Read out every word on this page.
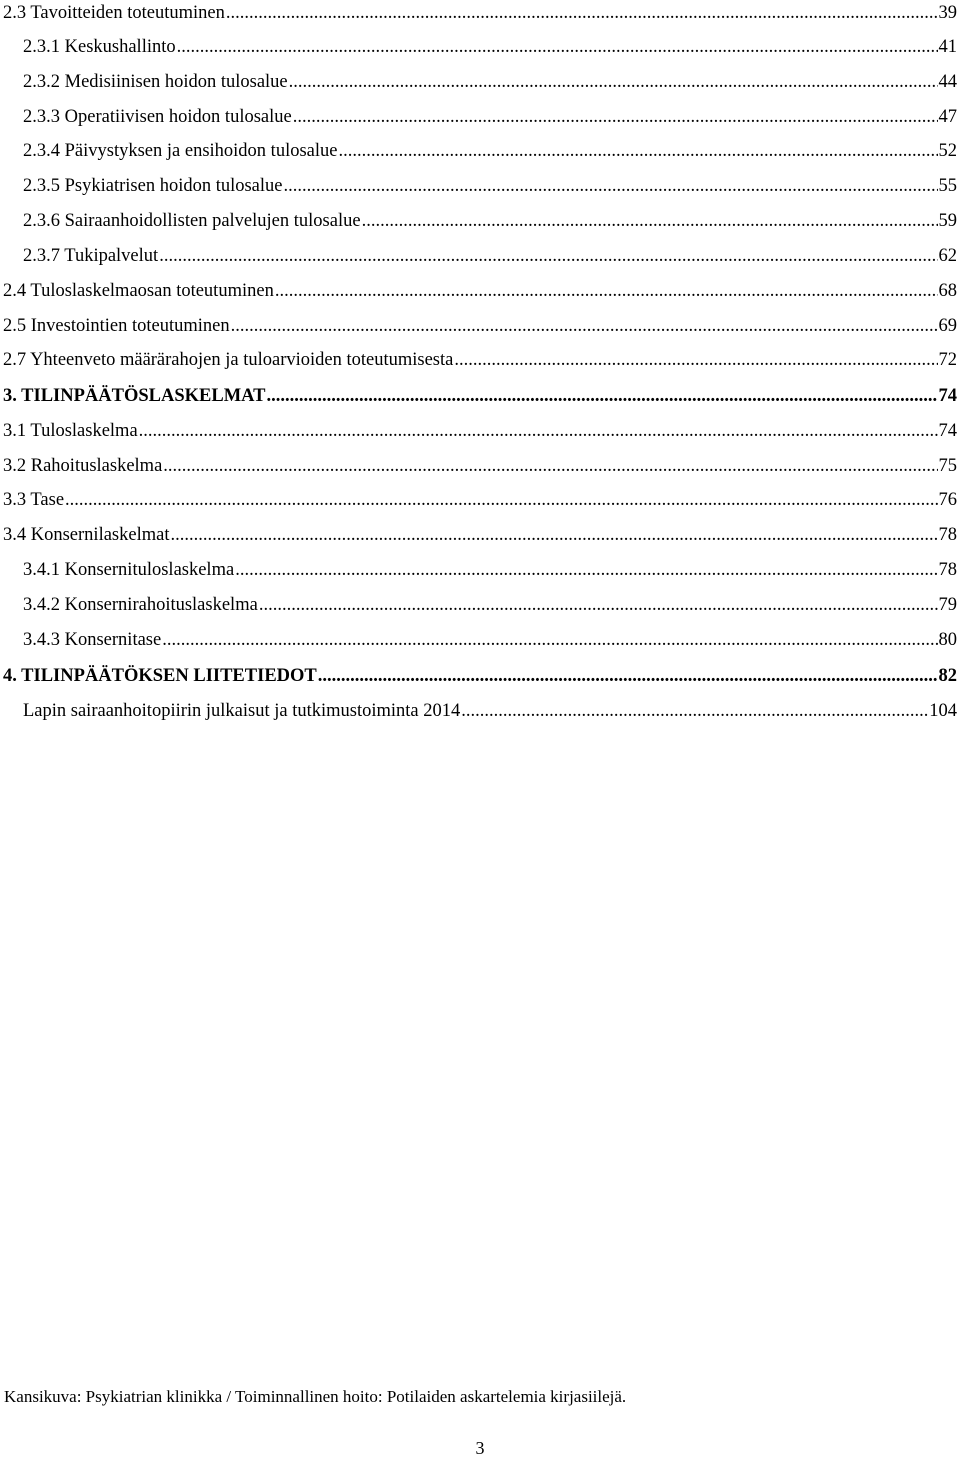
2.3 Tavoitteiden toteutuminen .....	39
2.3.1 Keskushallinto .....	41
2.3.2 Medisiinisen hoidon tulosalue .....	44
2.3.3 Operatiivisen hoidon tulosalue .....	47
2.3.4 Päivystyksen ja ensihoidon tulosalue .....	52
2.3.5 Psykiatrisen hoidon tulosalue .....	55
2.3.6 Sairaanhoidollisten palvelujen tulosalue .....	59
2.3.7 Tukipalvelut .....	62
2.4 Tuloslaskelmaosan toteutuminen .....	68
2.5 Investointien toteutuminen .....	69
2.7 Yhteenveto määrärahojen ja tuloarvioiden toteutumisesta .....	72
3. TILINPÄÄTÖSLASKELMAT .....	74
3.1 Tuloslaskelma .....	74
3.2 Rahoituslaskelma .....	75
3.3 Tase .....	76
3.4 Konsernilaskelmat .....	78
3.4.1 Konsernituloslaskelma .....	78
3.4.2 Konsernirahoituslaskelma .....	79
3.4.3 Konsernitase .....	80
4. TILINPÄÄTÖKSEN LIITETIEDOT .....	82
Lapin sairaanhoitopiirin julkaisut ja tutkimustoiminta 2014 .....	104
Kansikuva: Psykiatrian klinikka / Toiminnallinen hoito: Potilaiden askartelemia kirjasiilejä.
3
